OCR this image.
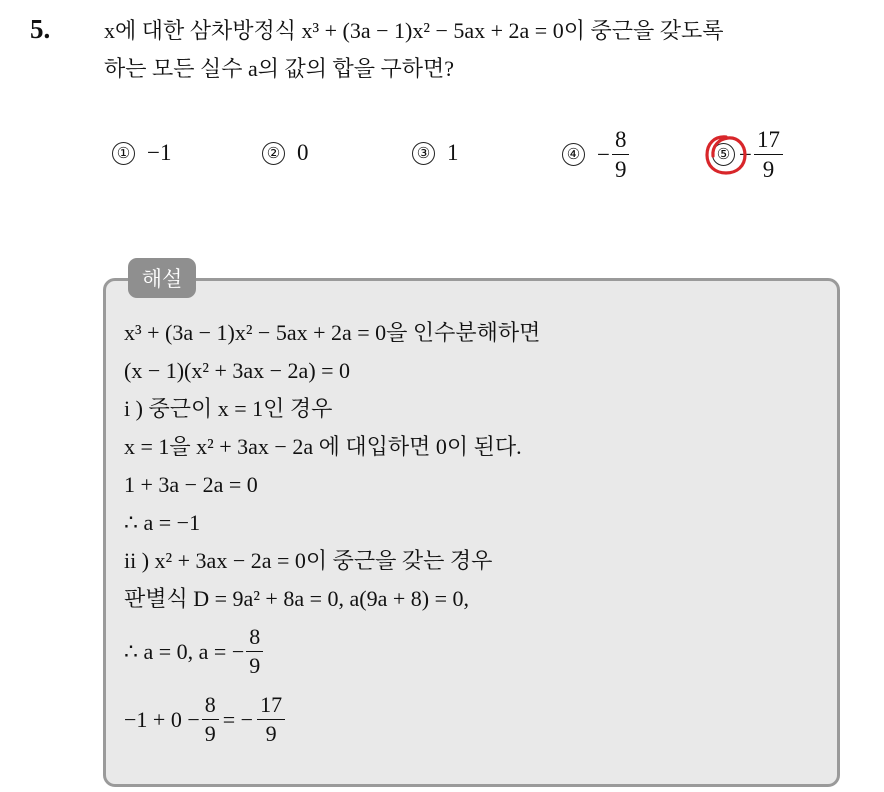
5. x에 대한 삼차방정식 x³ + (3a − 1)x² − 5ax + 2a = 0이 중근을 갖도록
하는 모든 실수 a의 값의 합을 구하면?
① −1	② 0	③ 1	④ − $\frac{8}{9}$	⑤ − $\frac{17}{9}$
해설
x³ + (3a − 1)x² − 5ax + 2a = 0을 인수분해하면
(x − 1)(x² + 3ax − 2a) = 0
i ) 중근이 x = 1인 경우
x = 1을 x² + 3ax − 2a 에 대입하면 0이 된다.
1 + 3a − 2a = 0
∴ a = −1
ii ) x² + 3ax − 2a = 0이 중근을 갖는 경우
판별식 D = 9a² + 8a = 0, a(9a + 8) = 0,
∴ a = 0, a = − $\frac{8}{9}$
$-1 + 0 - \frac{8}{9}$ = − $\frac{17}{9}$
